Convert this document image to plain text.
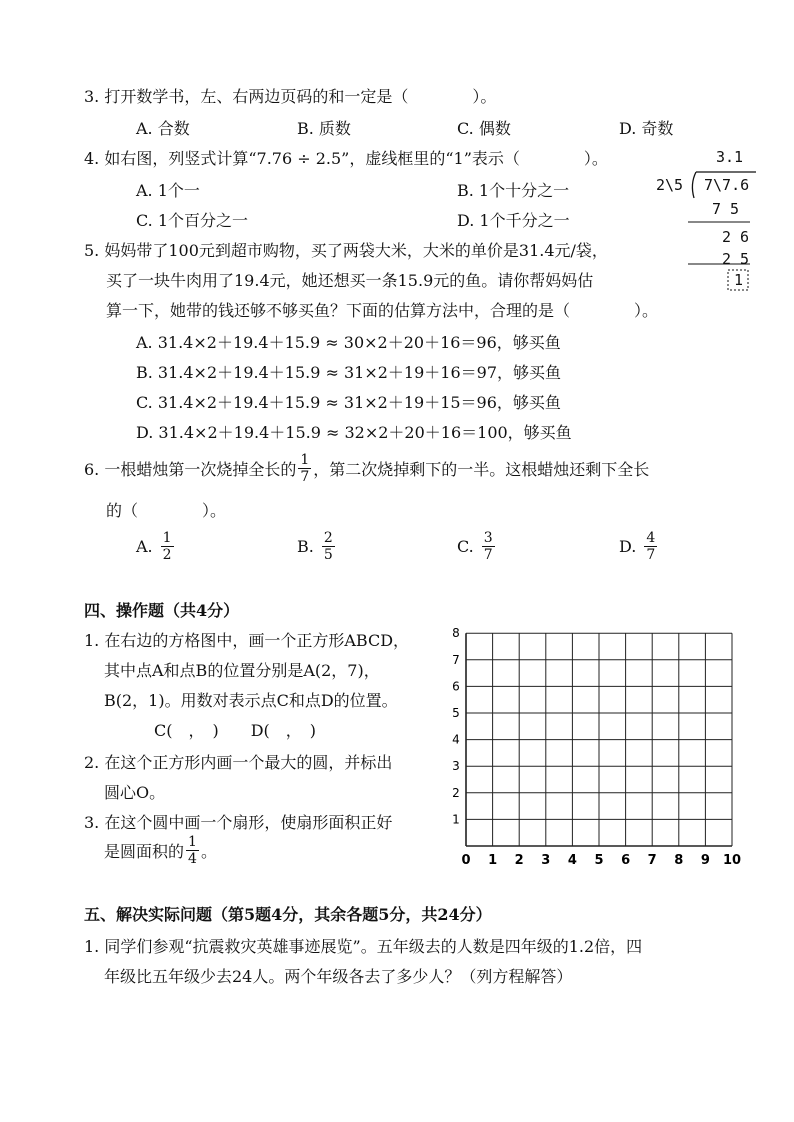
3. 打开数学书，左、右两边页码的和一定是（　　　　）。
A. 合数	B. 质数	C. 偶数	D. 奇数
4. 如右图，列竖式计算“7.76 ÷ 2.5”，虚线框里的“1”表示（　　　　）。
A. 1个一	B. 1个十分之一
C. 1个百分之一	D. 1个千分之一
3.1
2\5 7\7.6
7 5
2 6
2 5
1
5. 妈妈带了100元到超市购物，买了两袋大米，大米的单价是31.4元/袋，
买了一块牛肉用了19.4元，她还想买一条15.9元的鱼。请你帮妈妈估
算一下，她带的钱还够不够买鱼？下面的估算方法中，合理的是（　　　　）。
A. 31.4×2＋19.4＋15.9 ≈ 30×2＋20＋16＝96，够买鱼
B. 31.4×2＋19.4＋15.9 ≈ 31×2＋19＋16＝97，够买鱼
C. 31.4×2＋19.4＋15.9 ≈ 31×2＋19＋15＝96，够买鱼
D. 31.4×2＋19.4＋15.9 ≈ 32×2＋20＋16＝100，够买鱼
6. 一根蜡烛第一次烧掉全长的 $\frac{1}{7}$ ，第二次烧掉剩下的一半。这根蜡烛还剩下全长
的（　　　　）。
A. $\frac{1}{2}$	B. $\frac{2}{5}$	C. $\frac{3}{7}$	D. $\frac{4}{7}$
四、操作题（共4分）
1. 在右边的方格图中，画一个正方形ABCD，
其中点A和点B的位置分别是A(2，7)，
B(2，1)。用数对表示点C和点D的位置。
C(　，　)　　D(　，　)
2. 在这个正方形内画一个最大的圆，并标出
圆心O。
3. 在这个圆中画一个扇形，使扇形面积正好
是圆面积的 $\frac{1}{4}$ 。	0 1 2 3 4 5 6 7 8 9 10
1
2
3
4
5
6
7
8
五、解决实际问题（第5题4分，其余各题5分，共24分）
1. 同学们参观“抗震救灾英雄事迹展览”。五年级去的人数是四年级的1.2倍，四
年级比五年级少去24人。两个年级各去了多少人？（列方程解答）
